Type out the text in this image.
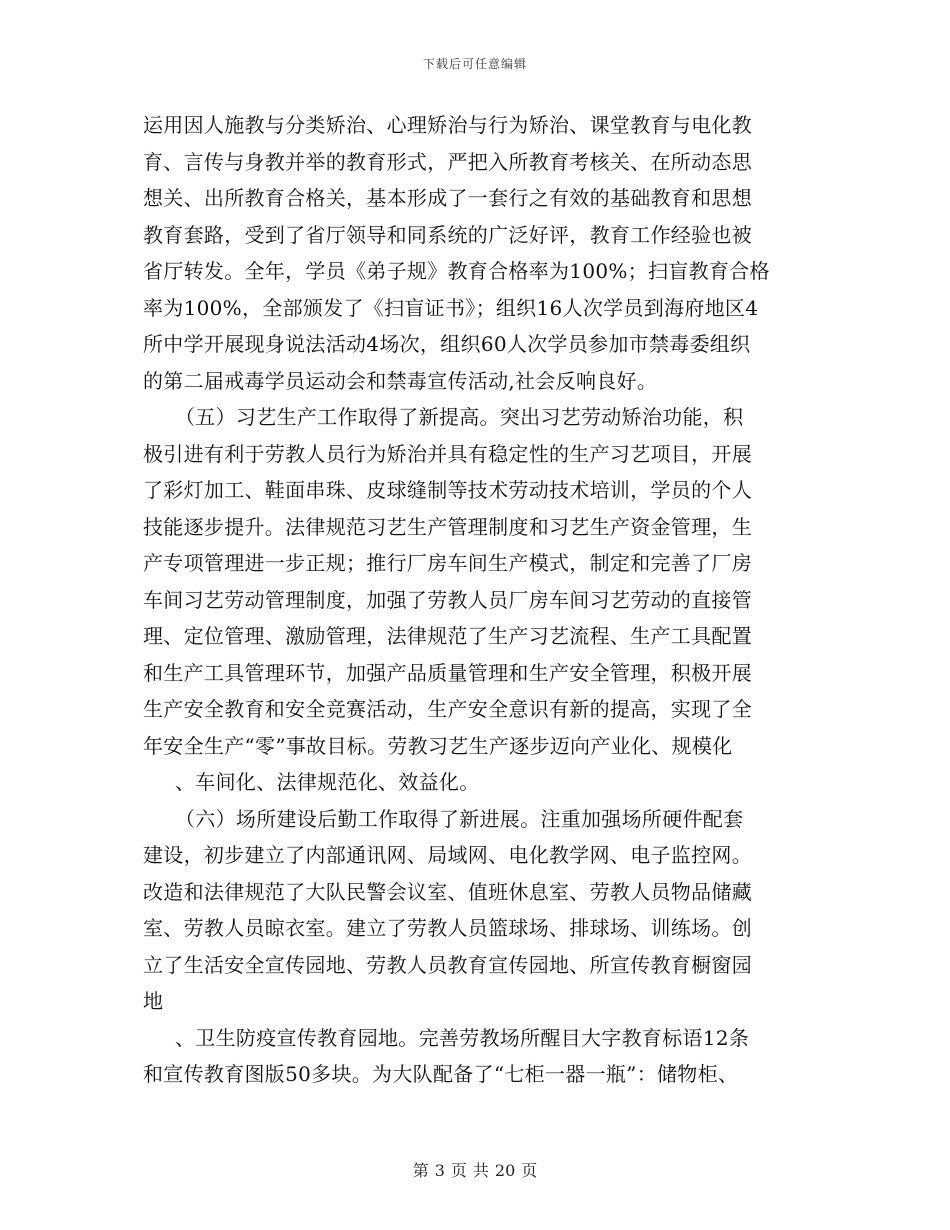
下载后可任意编辑
运用因人施教与分类矫治、心理矫治与行为矫治、课堂教育与电化教
育、言传与身教并举的教育形式，严把入所教育考核关、在所动态思
想关、出所教育合格关，基本形成了一套行之有效的基础教育和思想
教育套路，受到了省厅领导和同系统的广泛好评，教育工作经验也被
省厅转发。全年，学员《弟子规》教育合格率为100%；扫盲教育合格
率为100%，全部颁发了《扫盲证书》；组织16人次学员到海府地区4
所中学开展现身说法活动4场次，组织60人次学员参加市禁毒委组织
的第二届戒毒学员运动会和禁毒宣传活动,社会反响良好。
（五）习艺生产工作取得了新提高。突出习艺劳动矫治功能，积
极引进有利于劳教人员行为矫治并具有稳定性的生产习艺项目，开展
了彩灯加工、鞋面串珠、皮球缝制等技术劳动技术培训，学员的个人
技能逐步提升。法律规范习艺生产管理制度和习艺生产资金管理，生
产专项管理进一步正规；推行厂房车间生产模式，制定和完善了厂房
车间习艺劳动管理制度，加强了劳教人员厂房车间习艺劳动的直接管
理、定位管理、激励管理，法律规范了生产习艺流程、生产工具配置
和生产工具管理环节，加强产品质量管理和生产安全管理，积极开展
生产安全教育和安全竞赛活动，生产安全意识有新的提高，实现了全
年安全生产“零”事故目标。劳教习艺生产逐步迈向产业化、规模化
、车间化、法律规范化、效益化。
（六）场所建设后勤工作取得了新进展。注重加强场所硬件配套
建设，初步建立了内部通讯网、局域网、电化教学网、电子监控网。
改造和法律规范了大队民警会议室、值班休息室、劳教人员物品储藏
室、劳教人员晾衣室。建立了劳教人员篮球场、排球场、训练场。创
立了生活安全宣传园地、劳教人员教育宣传园地、所宣传教育橱窗园
地
、卫生防疫宣传教育园地。完善劳教场所醒目大字教育标语12条
和宣传教育图版50多块。为大队配备了“七柜一器一瓶”：储物柜、
第 3 页 共 20 页
